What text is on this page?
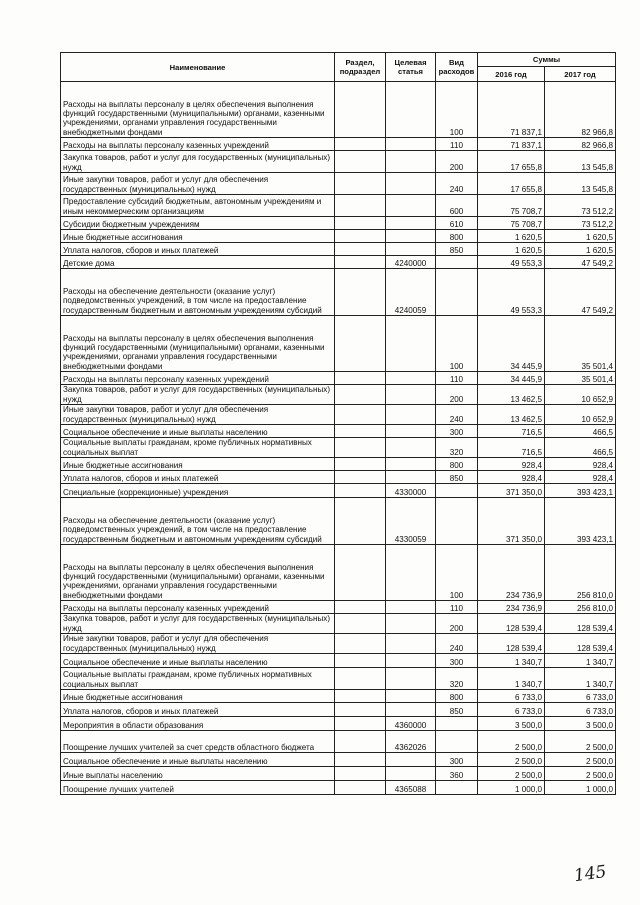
Наименование	Раздел, подраздел	Целевая статья	Вид расходов	Суммы	
				2016 год	2017 год
Расходы на выплаты персоналу в целях обеспечения выполнения функций государственными (муниципальными) органами, казенными учреждениями, органами управления государственными внебюджетными фондами			100	71 837,1	82 966,8
Расходы на выплаты персоналу казенных учреждений			110	71 837,1	82 966,8
Закупка товаров, работ и услуг для государственных (муниципальных) нужд			200	17 655,8	13 545,8
Иные закупки товаров, работ и услуг для обеспечения государственных (муниципальных) нужд			240	17 655,8	13 545,8
Предоставление субсидий бюджетным, автономным учреждениям и иным некоммерческим организациям			600	75 708,7	73 512,2
Субсидии бюджетным учреждениям			610	75 708,7	73 512,2
Иные бюджетные ассигнования			800	1 620,5	1 620,5
Уплата налогов, сборов и иных платежей			850	1 620,5	1 620,5
Детские дома		4240000		49 553,3	47 549,2
Расходы на обеспечение деятельности (оказание услуг) подведомственных учреждений, в том числе на предоставление государственным бюджетным и автономным учреждениям субсидий		4240059		49 553,3	47 549,2
Расходы на выплаты персоналу в целях обеспечения выполнения функций государственными (муниципальными) органами, казенными учреждениями, органами управления государственными внебюджетными фондами			100	34 445,9	35 501,4
Расходы на выплаты персоналу казенных учреждений			110	34 445,9	35 501,4
Закупка товаров, работ и услуг для государственных (муниципальных) нужд			200	13 462,5	10 652,9
Иные закупки товаров, работ и услуг для обеспечения государственных (муниципальных) нужд			240	13 462,5	10 652,9
Социальное обеспечение и иные выплаты населению			300	716,5	466,5
Социальные выплаты гражданам, кроме публичных нормативных социальных выплат			320	716,5	466,5
Иные бюджетные ассигнования			800	928,4	928,4
Уплата налогов, сборов и иных платежей			850	928,4	928,4
Специальные (коррекционные) учреждения		4330000		371 350,0	393 423,1
Расходы на обеспечение деятельности (оказание услуг) подведомственных учреждений, в том числе на предоставление государственным бюджетным и автономным учреждениям субсидий		4330059		371 350,0	393 423,1
Расходы на выплаты персоналу в целях обеспечения выполнения функций государственными (муниципальными) органами, казенными учреждениями, органами управления государственными внебюджетными фондами			100	234 736,9	256 810,0
Расходы на выплаты персоналу казенных учреждений			110	234 736,9	256 810,0
Закупка товаров, работ и услуг для государственных (муниципальных) нужд			200	128 539,4	128 539,4
Иные закупки товаров, работ и услуг для обеспечения государственных (муниципальных) нужд			240	128 539,4	128 539,4
Социальное обеспечение и иные выплаты населению			300	1 340,7	1 340,7
Социальные выплаты гражданам, кроме публичных нормативных социальных выплат			320	1 340,7	1 340,7
Иные бюджетные ассигнования			800	6 733,0	6 733,0
Уплата налогов, сборов и иных платежей			850	6 733,0	6 733,0
Мероприятия в области образования		4360000		3 500,0	3 500,0
Поощрение лучших учителей за счет средств областного бюджета		4362026		2 500,0	2 500,0
Социальное обеспечение и иные выплаты населению			300	2 500,0	2 500,0
Иные выплаты населению			360	2 500,0	2 500,0
Поощрение лучших учителей		4365088		1 000,0	1 000,0
145
